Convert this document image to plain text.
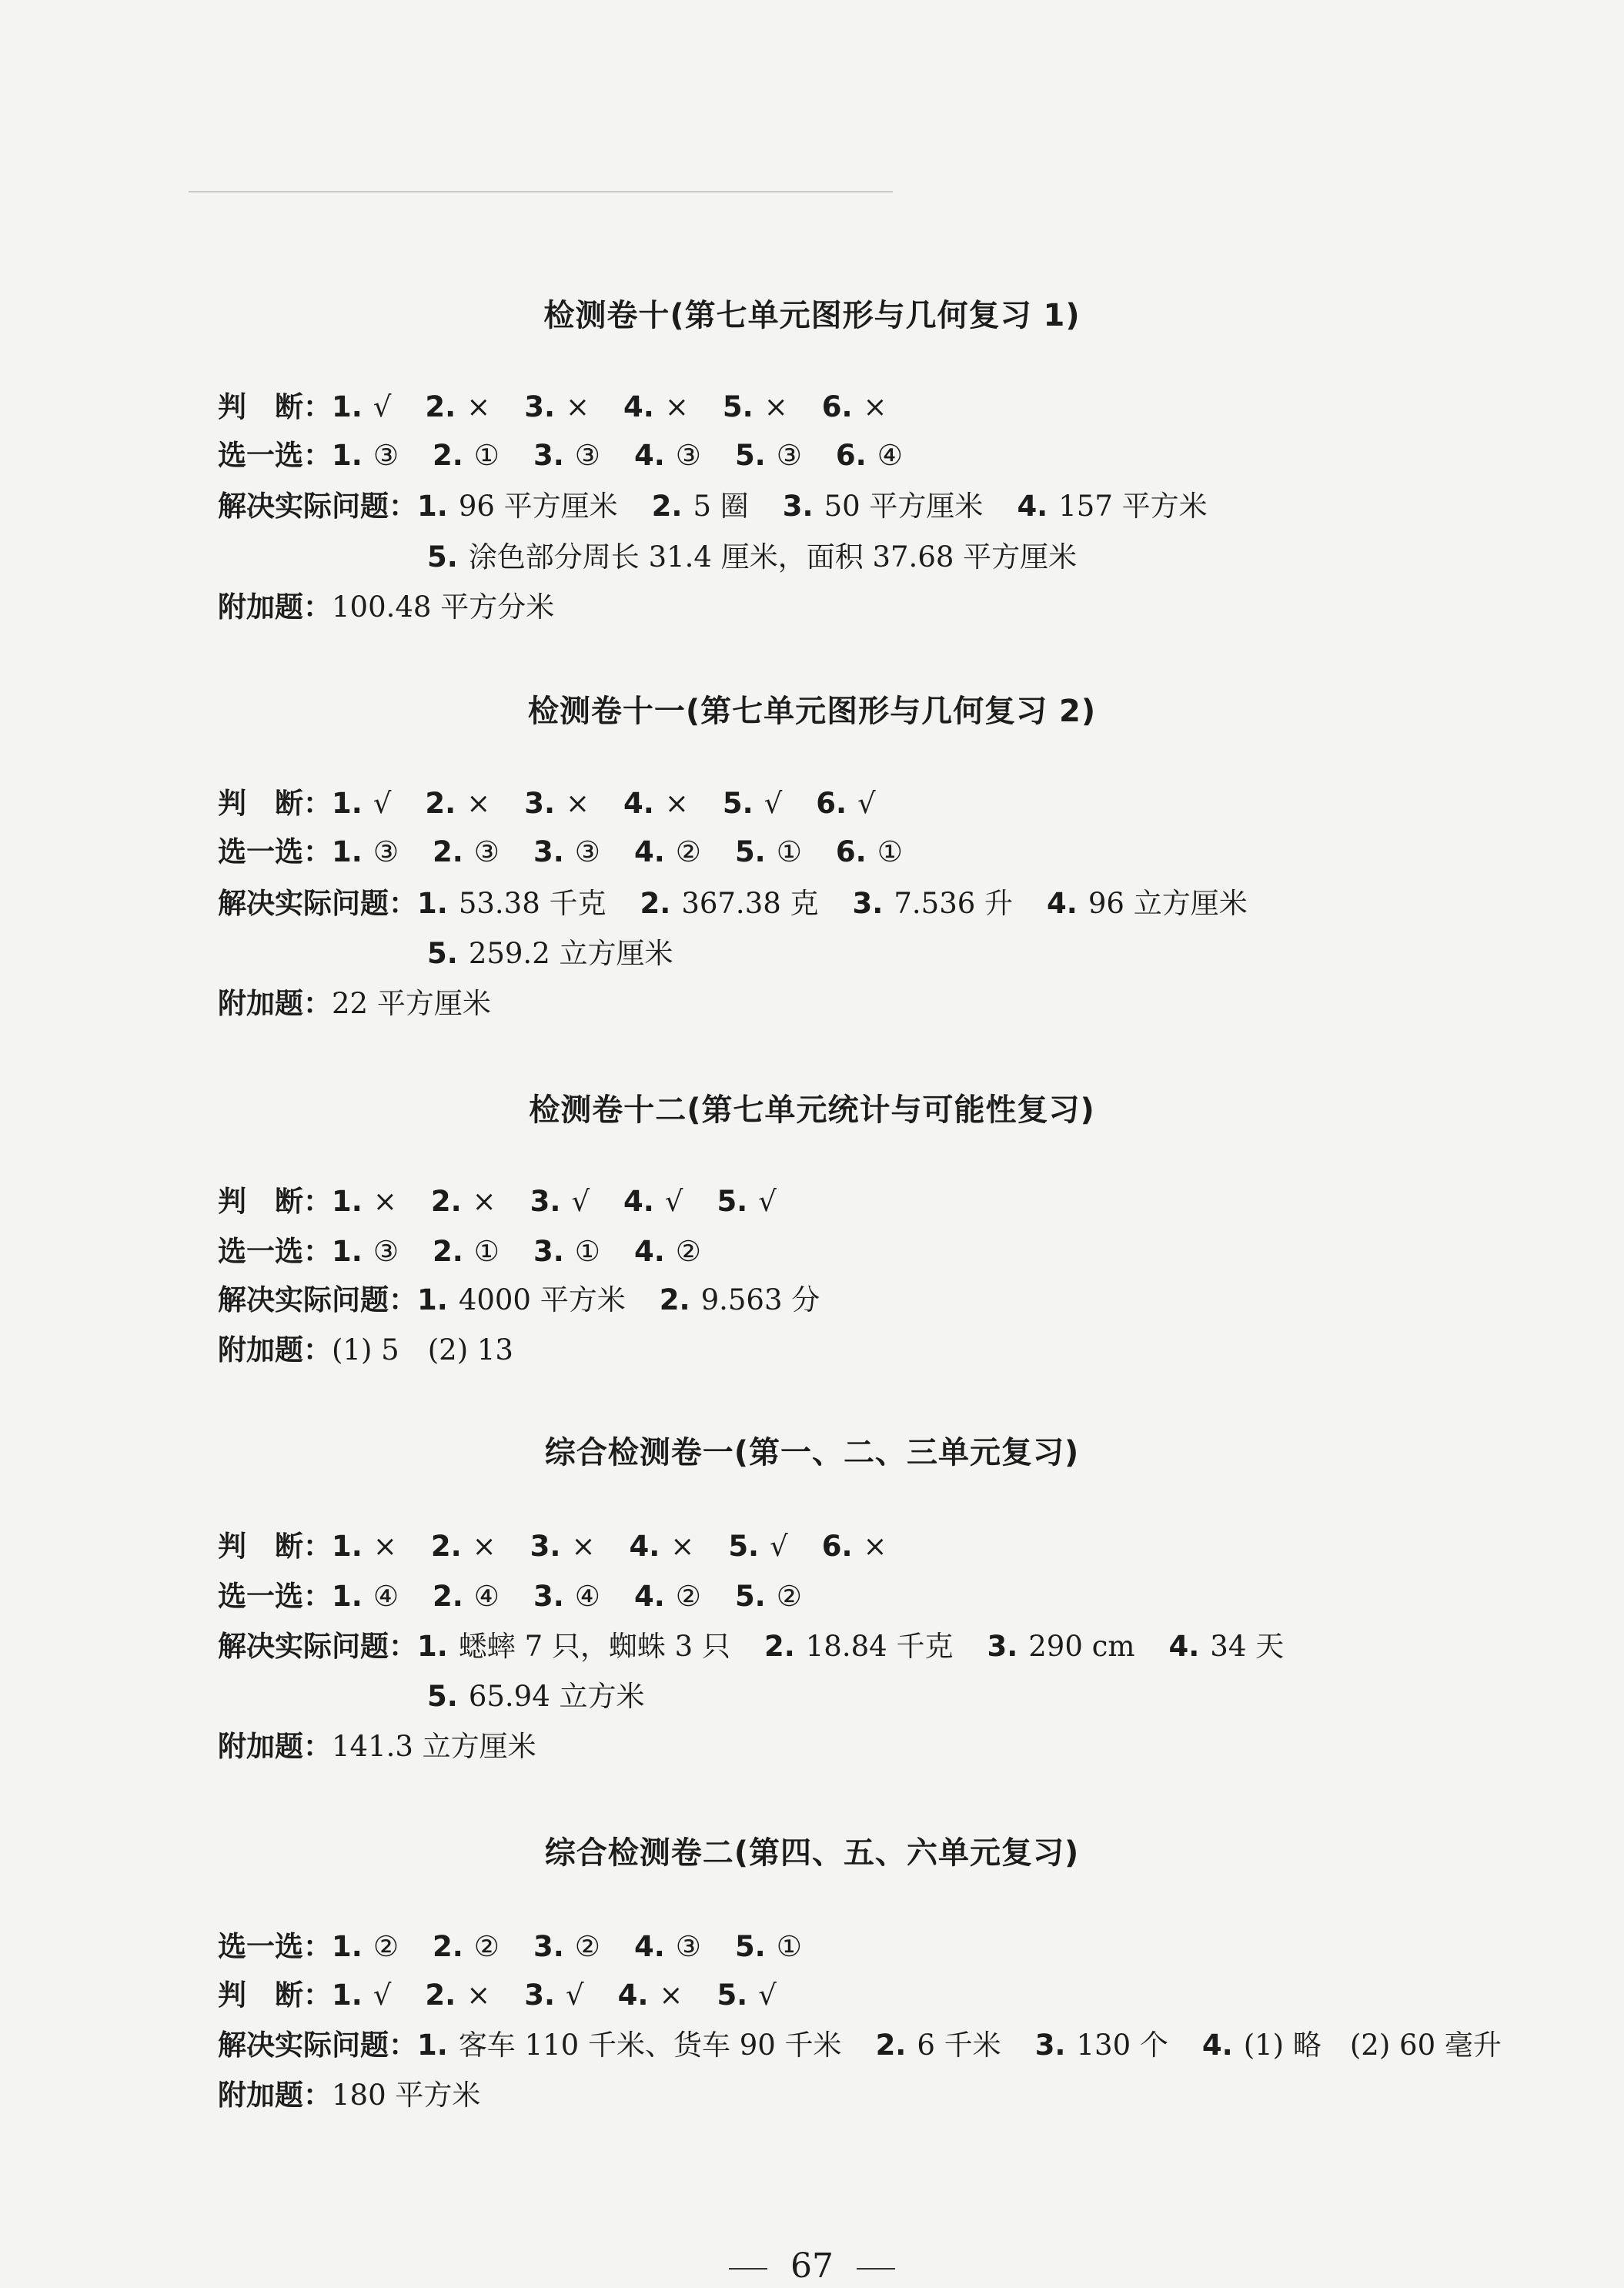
检测卷十(第七单元图形与几何复习 1)
判　断：1. √ 2. × 3. × 4. × 5. × 6. ×
选一选：1. ③ 2. ① 3. ③ 4. ③ 5. ③ 6. ④
解决实际问题：1. 96 平方厘米 2. 5 圈 3. 50 平方厘米 4. 157 平方米
5. 涂色部分周长 31.4 厘米，面积 37.68 平方厘米
附加题：100.48 平方分米
检测卷十一(第七单元图形与几何复习 2)
判　断：1. √ 2. × 3. × 4. × 5. √ 6. √
选一选：1. ③ 2. ③ 3. ③ 4. ② 5. ① 6. ①
解决实际问题：1. 53.38 千克 2. 367.38 克 3. 7.536 升 4. 96 立方厘米
5. 259.2 立方厘米
附加题：22 平方厘米
检测卷十二(第七单元统计与可能性复习)
判　断：1. × 2. × 3. √ 4. √ 5. √
选一选：1. ③ 2. ① 3. ① 4. ②
解决实际问题：1. 4000 平方米 2. 9.563 分
附加题：(1) 5　(2) 13
综合检测卷一(第一、二、三单元复习)
判　断：1. × 2. × 3. × 4. × 5. √ 6. ×
选一选：1. ④ 2. ④ 3. ④ 4. ② 5. ②
解决实际问题：1. 蟋蟀 7 只，蜘蛛 3 只 2. 18.84 千克 3. 290 cm 4. 34 天
5. 65.94 立方米
附加题：141.3 立方厘米
综合检测卷二(第四、五、六单元复习)
选一选：1. ② 2. ② 3. ② 4. ③ 5. ①
判　断：1. √ 2. × 3. √ 4. × 5. √
解决实际问题：1. 客车 110 千米、货车 90 千米 2. 6 千米 3. 130 个 4. (1) 略　(2) 60 毫升
附加题：180 平方米
67
